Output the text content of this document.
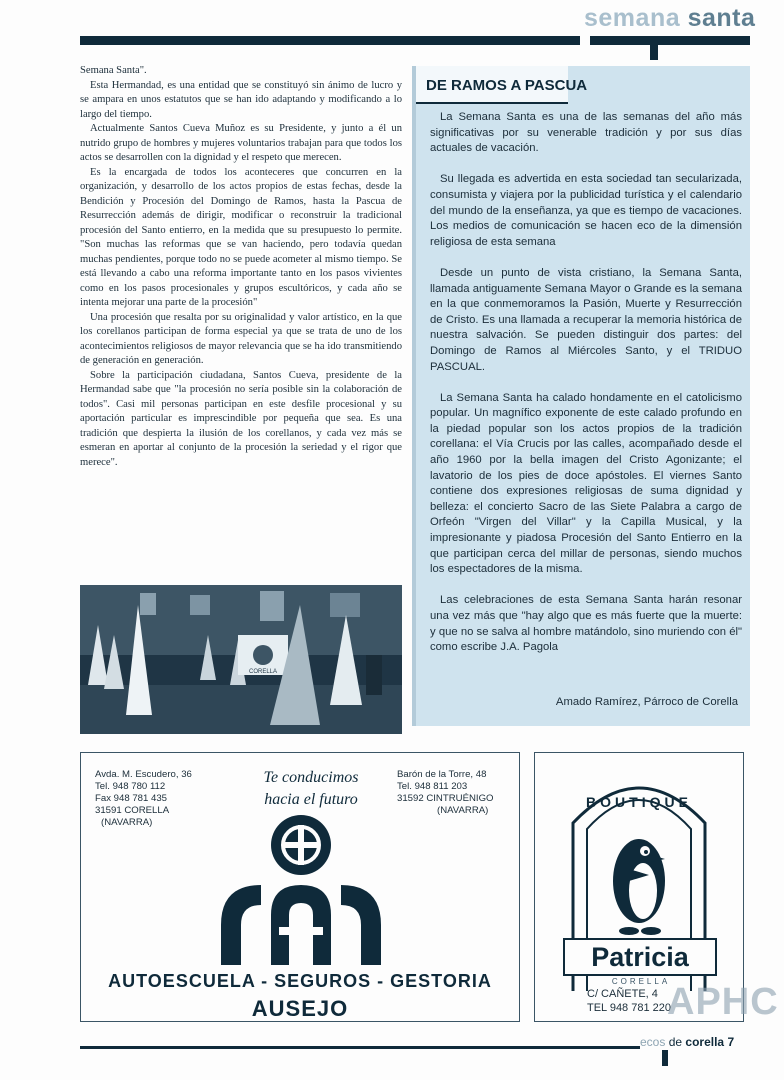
semana santa

Semana Santa".

Esta Hermandad, es una entidad que se constituyó sin ánimo de lucro y se ampara en unos estatutos que se han ido adaptando y modificando a lo largo del tiempo.

Actualmente Santos Cueva Muñoz es su Presidente, y junto a él un nutrido grupo de hombres y mujeres voluntarios trabajan para que todos los actos se desarrollen con la dignidad y el respeto que merecen.

Es la encargada de todos los aconteceres que concurren en la organización, y desarrollo de los actos propios de estas fechas, desde la Bendición y Procesión del Domingo de Ramos, hasta la Pascua de Resurrección además de dirigir, modificar o reconstruir la tradicional procesión del Santo entierro, en la medida que su presupuesto lo permite. "Son muchas las reformas que se van haciendo, pero todavía quedan muchas pendientes, porque todo no se puede acometer al mismo tiempo. Se está llevando a cabo una reforma importante tanto en los pasos vivientes como en los pasos procesionales y grupos escultóricos, y cada año se intenta mejorar una parte de la procesión"

Una procesión que resalta por su originalidad y valor artístico, en la que los corellanos participan de forma especial ya que se trata de uno de los acontecimientos religiosos de mayor relevancia que se ha ido transmitiendo de generación en generación.

Sobre la participación ciudadana, Santos Cueva, presidente de la Hermandad sabe que "la procesión no sería posible sin la colaboración de todos". Casi mil personas participan en este desfile procesional y su aportación particular es imprescindible por pequeña que sea. Es una tradición que despierta la ilusión de los corellanos, y cada vez más se esmeran en aportar al conjunto de la procesión la seriedad y el rigor que merece".

CORELLA
DE RAMOS A PASCUA

La Semana Santa es una de las semanas del año más significativas por su venerable tradición y por sus días actuales de vacación.

Su llegada es advertida en esta sociedad tan secularizada, consumista y viajera por la publicidad turística y el calendario del mundo de la enseñanza, ya que es tiempo de vacaciones. Los medios de comunicación se hacen eco de la dimensión religiosa de esta semana

Desde un punto de vista cristiano, la Semana Santa, llamada antiguamente Semana Mayor o Grande es la semana en la que conmemoramos la Pasión, Muerte y Resurrección de Cristo. Es una llamada a recuperar la memoria histórica de nuestra salvación. Se pueden distinguir dos partes: del Domingo de Ramos al Miércoles Santo, y el TRIDUO PASCUAL.

La Semana Santa ha calado hondamente en el catolicismo popular. Un magnífico exponente de este calado profundo en la piedad popular son los actos propios de la tradición corellana: el Vía Crucis por las calles, acompañado desde el año 1960 por la bella imagen del Cristo Agonizante; el lavatorio de los pies de doce apóstoles. El viernes Santo contiene dos expresiones religiosas de suma dignidad y belleza: el concierto Sacro de las Siete Palabra a cargo de Orfeón "Virgen del Villar" y la Capilla Musical, y la impresionante y piadosa Procesión del Santo Entierro en la que participan cerca del millar de personas, siendo muchos los espectadores de la misma.

Las celebraciones de esta Semana Santa harán resonar una vez más que "hay algo que es más fuerte que la muerte: y que no se salva al hombre matándolo, sino muriendo con él" como escribe J.A. Pagola

Amado Ramírez, Párroco de Corella
Avda. M. Escudero, 36
Tel. 948 780 112
Fax 948 781 435
31591 CORELLA
(NAVARRA)
Te conducimos
hacia el futuro
Barón de la Torre, 48
Tel. 948 811 203
31592 CINTRUÉNIGO
(NAVARRA)
AUTOESCUELA - SEGUROS - GESTORIA
AUSEJO
BOUTIQUE
Patricia
CORELLA
C/ CAÑETE, 4
TEL 948 781 220
APHC
ecos de corella 7
